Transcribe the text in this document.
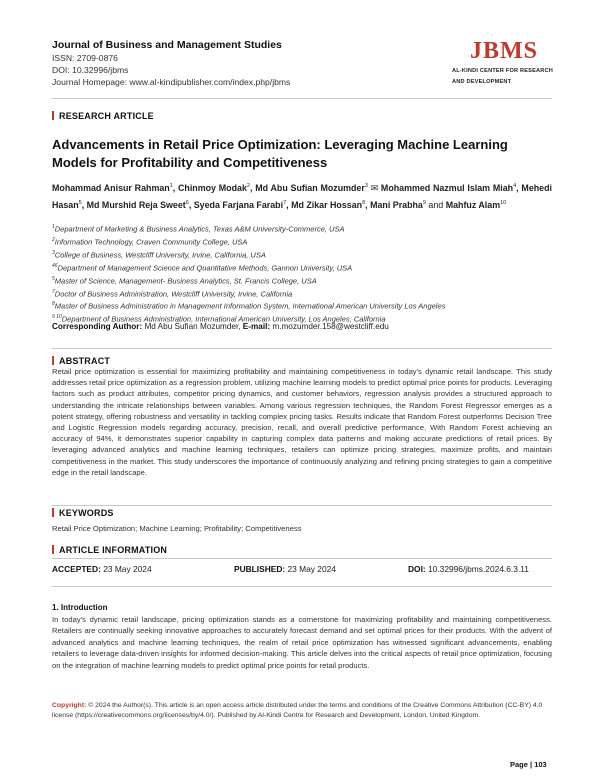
Journal of Business and Management Studies
ISSN: 2709-0876
DOI: 10.32996/jbms
Journal Homepage: www.al-kindipublisher.com/index.php/jbms
JBMS
AL-KINDI CENTER FOR RESEARCH
AND DEVELOPMENT
RESEARCH ARTICLE
Advancements in Retail Price Optimization: Leveraging Machine Learning Models for Profitability and Competitiveness
Mohammad Anisur Rahman$^1$, Chinmoy Modak$^2$, Md Abu Sufian Mozumder$^3$ ✉ Mohammed Nazmul Islam Miah$^4$, Mehedi Hasan$^5$, Md Murshid Reja Sweet$^6$, Syeda Farjana Farabi$^7$, Md Zikar Hossan$^8$, Mani Prabha$^9$ and Mahfuz Alam$^{10}$
$^1$Department of Marketing & Business Analytics, Texas A&M University-Commerce, USA
$^2$Information Technology, Craven Community College, USA
$^3$College of Business, Westcliff University, Irvine, California, USA
$^{46}$Department of Management Science and Quantitative Methods, Gannon University, USA
$^5$Master of Science, Management- Business Analytics, St. Francis College, USA
$^7$Doctor of Business Administration, Westcliff University, Irvine, California
$^8$Master of Business Administration in Management Information System, International American University Los Angeles
$^{9 10}$Department of Business Administration, International American University, Los Angeles, California
Corresponding Author: Md Abu Sufian Mozumder, E-mail: m.mozumder.158@westcliff.edu
ABSTRACT
Retail price optimization is essential for maximizing profitability and maintaining competitiveness in today's dynamic retail landscape. This study addresses retail price optimization as a regression problem, utilizing machine learning models to predict optimal price points for products. Leveraging factors such as product attributes, competitor pricing dynamics, and customer behaviors, regression analysis provides a structured approach to understanding the intricate relationships between variables. Among various regression techniques, the Random Forest Regressor emerges as a potent strategy, offering robustness and versatility in tackling complex pricing tasks. Results indicate that Random Forest outperforms Decision Tree and Logistic Regression models regarding accuracy, precision, recall, and overall predictive performance. With Random Forest achieving an accuracy of 94%, it demonstrates superior capability in capturing complex data patterns and making accurate predictions of retail prices. By leveraging advanced analytics and machine learning techniques, retailers can optimize pricing strategies, maximize profits, and maintain competitiveness in the market. This study underscores the importance of continuously analyzing and refining pricing strategies to gain a competitive edge in the retail landscape.
KEYWORDS
Retail Price Optimization; Machine Learning; Profitability; Competitiveness
ARTICLE INFORMATION
ACCEPTED: 23 May 2024	PUBLISHED: 23 May 2024	DOI: 10.32996/jbms.2024.6.3.11
1. Introduction
In today's dynamic retail landscape, pricing optimization stands as a cornerstone for maximizing profitability and maintaining competitiveness. Retailers are continually seeking innovative approaches to accurately forecast demand and set optimal prices for their products. With the advent of advanced analytics and machine learning techniques, the realm of retail price optimization has witnessed significant advancements, enabling retailers to leverage data-driven insights for informed decision-making. This article delves into the critical aspects of retail price optimization, focusing on the integration of machine learning models to predict optimal price points for retail products.
Copyright: © 2024 the Author(s). This article is an open access article distributed under the terms and conditions of the Creative Commons Attribution (CC-BY) 4.0 license (https://creativecommons.org/licenses/by/4.0/). Published by Al-Kindi Centre for Research and Development, London, United Kingdom.
Page | 103
